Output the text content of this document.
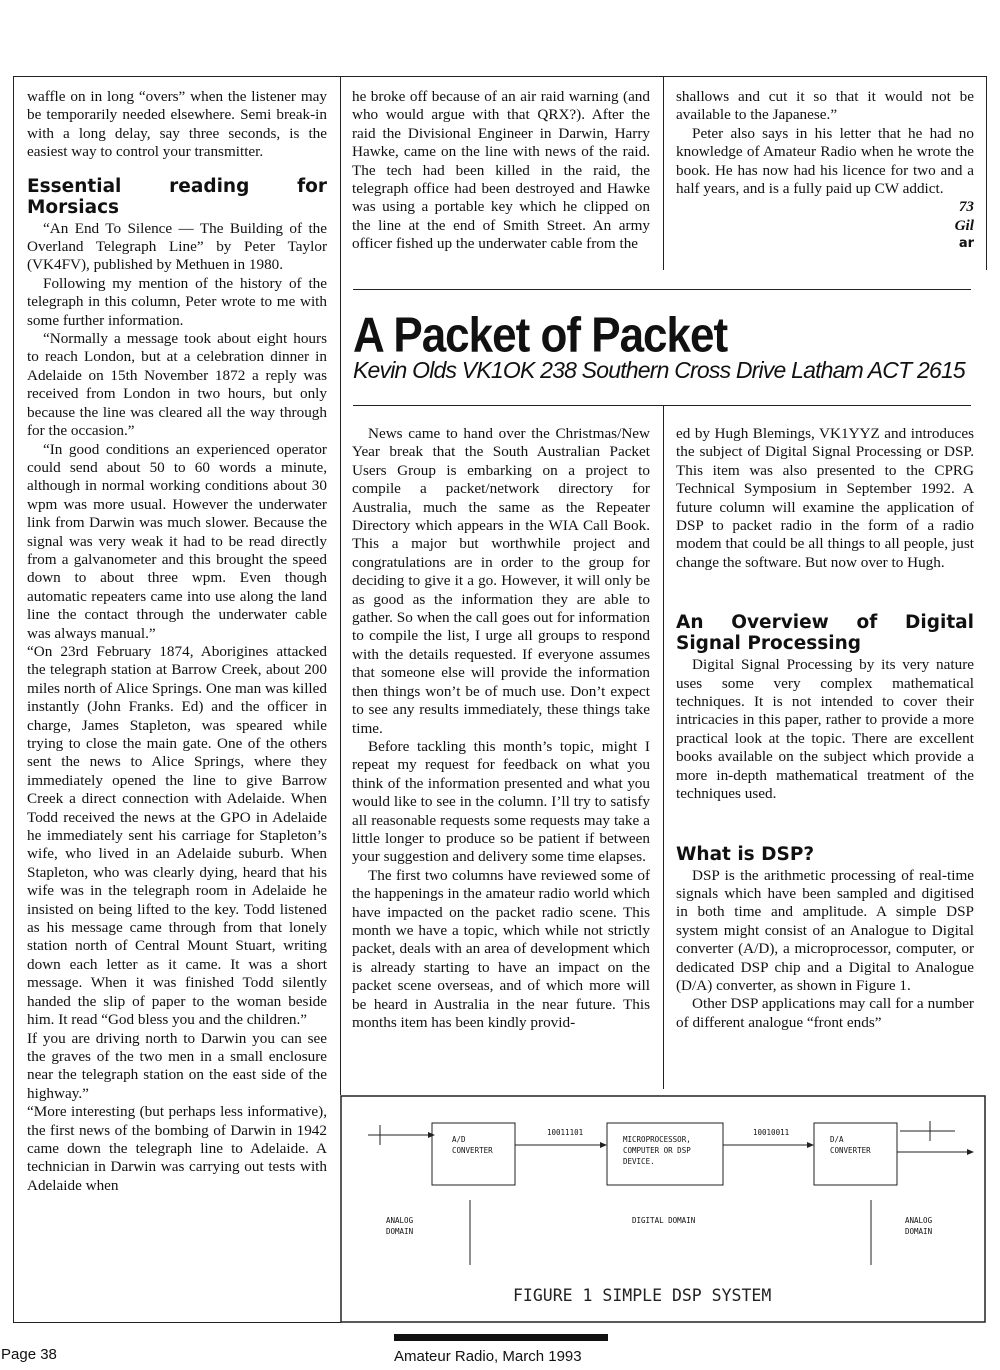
waffle on in long “overs” when the listener may be temporarily needed elsewhere. Semi break-in with a long delay, say three seconds, is the easiest way to control your transmitter.

Essential reading for Morsiacs

“An End To Silence — The Building of the Overland Telegraph Line” by Peter Taylor (VK4FV), published by Methuen in 1980.

Following my mention of the history of the telegraph in this column, Peter wrote to me with some further information.

“Normally a message took about eight hours to reach London, but at a celebration dinner in Adelaide on 15th November 1872 a reply was received from London in two hours, but only because the line was cleared all the way through for the occasion.”

“In good conditions an experienced operator could send about 50 to 60 words a minute, although in normal working conditions about 30 wpm was more usual. However the underwater link from Darwin was much slower. Because the signal was very weak it had to be read directly from a galvanometer and this brought the speed down to about three wpm. Even though automatic repeaters came into use along the land line the contact through the underwater cable was always manual.”

“On 23rd February 1874, Aborigines attacked the telegraph station at Barrow Creek, about 200 miles north of Alice Springs. One man was killed instantly (John Franks. Ed) and the officer in charge, James Stapleton, was speared while trying to close the main gate. One of the others sent the news to Alice Springs, where they immediately opened the line to give Barrow Creek a direct connection with Adelaide. When Todd received the news at the GPO in Adelaide he immediately sent his carriage for Stapleton’s wife, who lived in an Adelaide suburb. When Stapleton, who was clearly dying, heard that his wife was in the telegraph room in Adelaide he insisted on being lifted to the key. Todd listened as his message came through from that lonely station north of Central Mount Stuart, writing down each letter as it came. It was a short message. When it was finished Todd silently handed the slip of paper to the woman beside him. It read “God bless you and the children.”

If you are driving north to Darwin you can see the graves of the two men in a small enclosure near the telegraph station on the east side of the highway.”

“More interesting (but perhaps less informative), the first news of the bombing of Darwin in 1942 came down the telegraph line to Adelaide. A technician in Darwin was carrying out tests with Adelaide when

he broke off because of an air raid warning (and who would argue with that QRX?). After the raid the Divisional Engineer in Darwin, Harry Hawke, came on the line with news of the raid. The tech had been killed in the raid, the telegraph office had been destroyed and Hawke was using a portable key which he clipped on the line at the end of Smith Street. An army officer fished up the underwater cable from the

shallows and cut it so that it would not be available to the Japanese.”

Peter also says in his letter that he had no knowledge of Amateur Radio when he wrote the book. He has now had his licence for two and a half years, and is a fully paid up CW addict.

73

Gil

ar

A Packet of Packet
Kevin Olds VK1OK 238 Southern Cross Drive Latham ACT 2615

News came to hand over the Christmas/New Year break that the South Australian Packet Users Group is embarking on a project to compile a packet/network directory for Australia, much the same as the Repeater Directory which appears in the WIA Call Book. This a major but worthwhile project and congratulations are in order to the group for deciding to give it a go. However, it will only be as good as the information they are able to gather. So when the call goes out for information to compile the list, I urge all groups to respond with the details requested. If everyone assumes that someone else will provide the information then things won’t be of much use. Don’t expect to see any results immediately, these things take time.

Before tackling this month’s topic, might I repeat my request for feedback on what you think of the information presented and what you would like to see in the column. I’ll try to satisfy all reasonable requests some requests may take a little longer to produce so be patient if between your suggestion and delivery some time elapses.

The first two columns have reviewed some of the happenings in the amateur radio world which have impacted on the packet radio scene. This month we have a topic, which while not strictly packet, deals with an area of development which is already starting to have an impact on the packet scene overseas, and of which more will be heard in Australia in the near future. This months item has been kindly provid-

ed by Hugh Blemings, VK1YYZ and introduces the subject of Digital Signal Processing or DSP. This item was also presented to the CPRG Technical Symposium in September 1992. A future column will examine the application of DSP to packet radio in the form of a radio modem that could be all things to all people, just change the software. But now over to Hugh.

An Overview of Digital Signal Processing

Digital Signal Processing by its very nature uses some very complex mathematical techniques. It is not intended to cover their intricacies in this paper, rather to provide a more practical look at the topic. There are excellent books available on the subject which provide a more in-depth mathematical treatment of the techniques used.

What is DSP?

DSP is the arithmetic processing of real-time signals which have been sampled and digitised in both time and amplitude. A simple DSP system might consist of an Analogue to Digital converter (A/D), a microprocessor, computer, or dedicated DSP chip and a Digital to Analogue (D/A) converter, as shown in Figure 1.

Other DSP applications may call for a number of different analogue “front ends”

A/D
CONVERTER
10011101
MICROPROCESSOR,
COMPUTER OR DSP
DEVICE.
10010011
D/A
CONVERTER
ANALOG
DOMAIN
DIGITAL DOMAIN	ANALOG
DOMAIN
FIGURE 1 SIMPLE DSP SYSTEM
Page 38	Amateur Radio, March 1993
